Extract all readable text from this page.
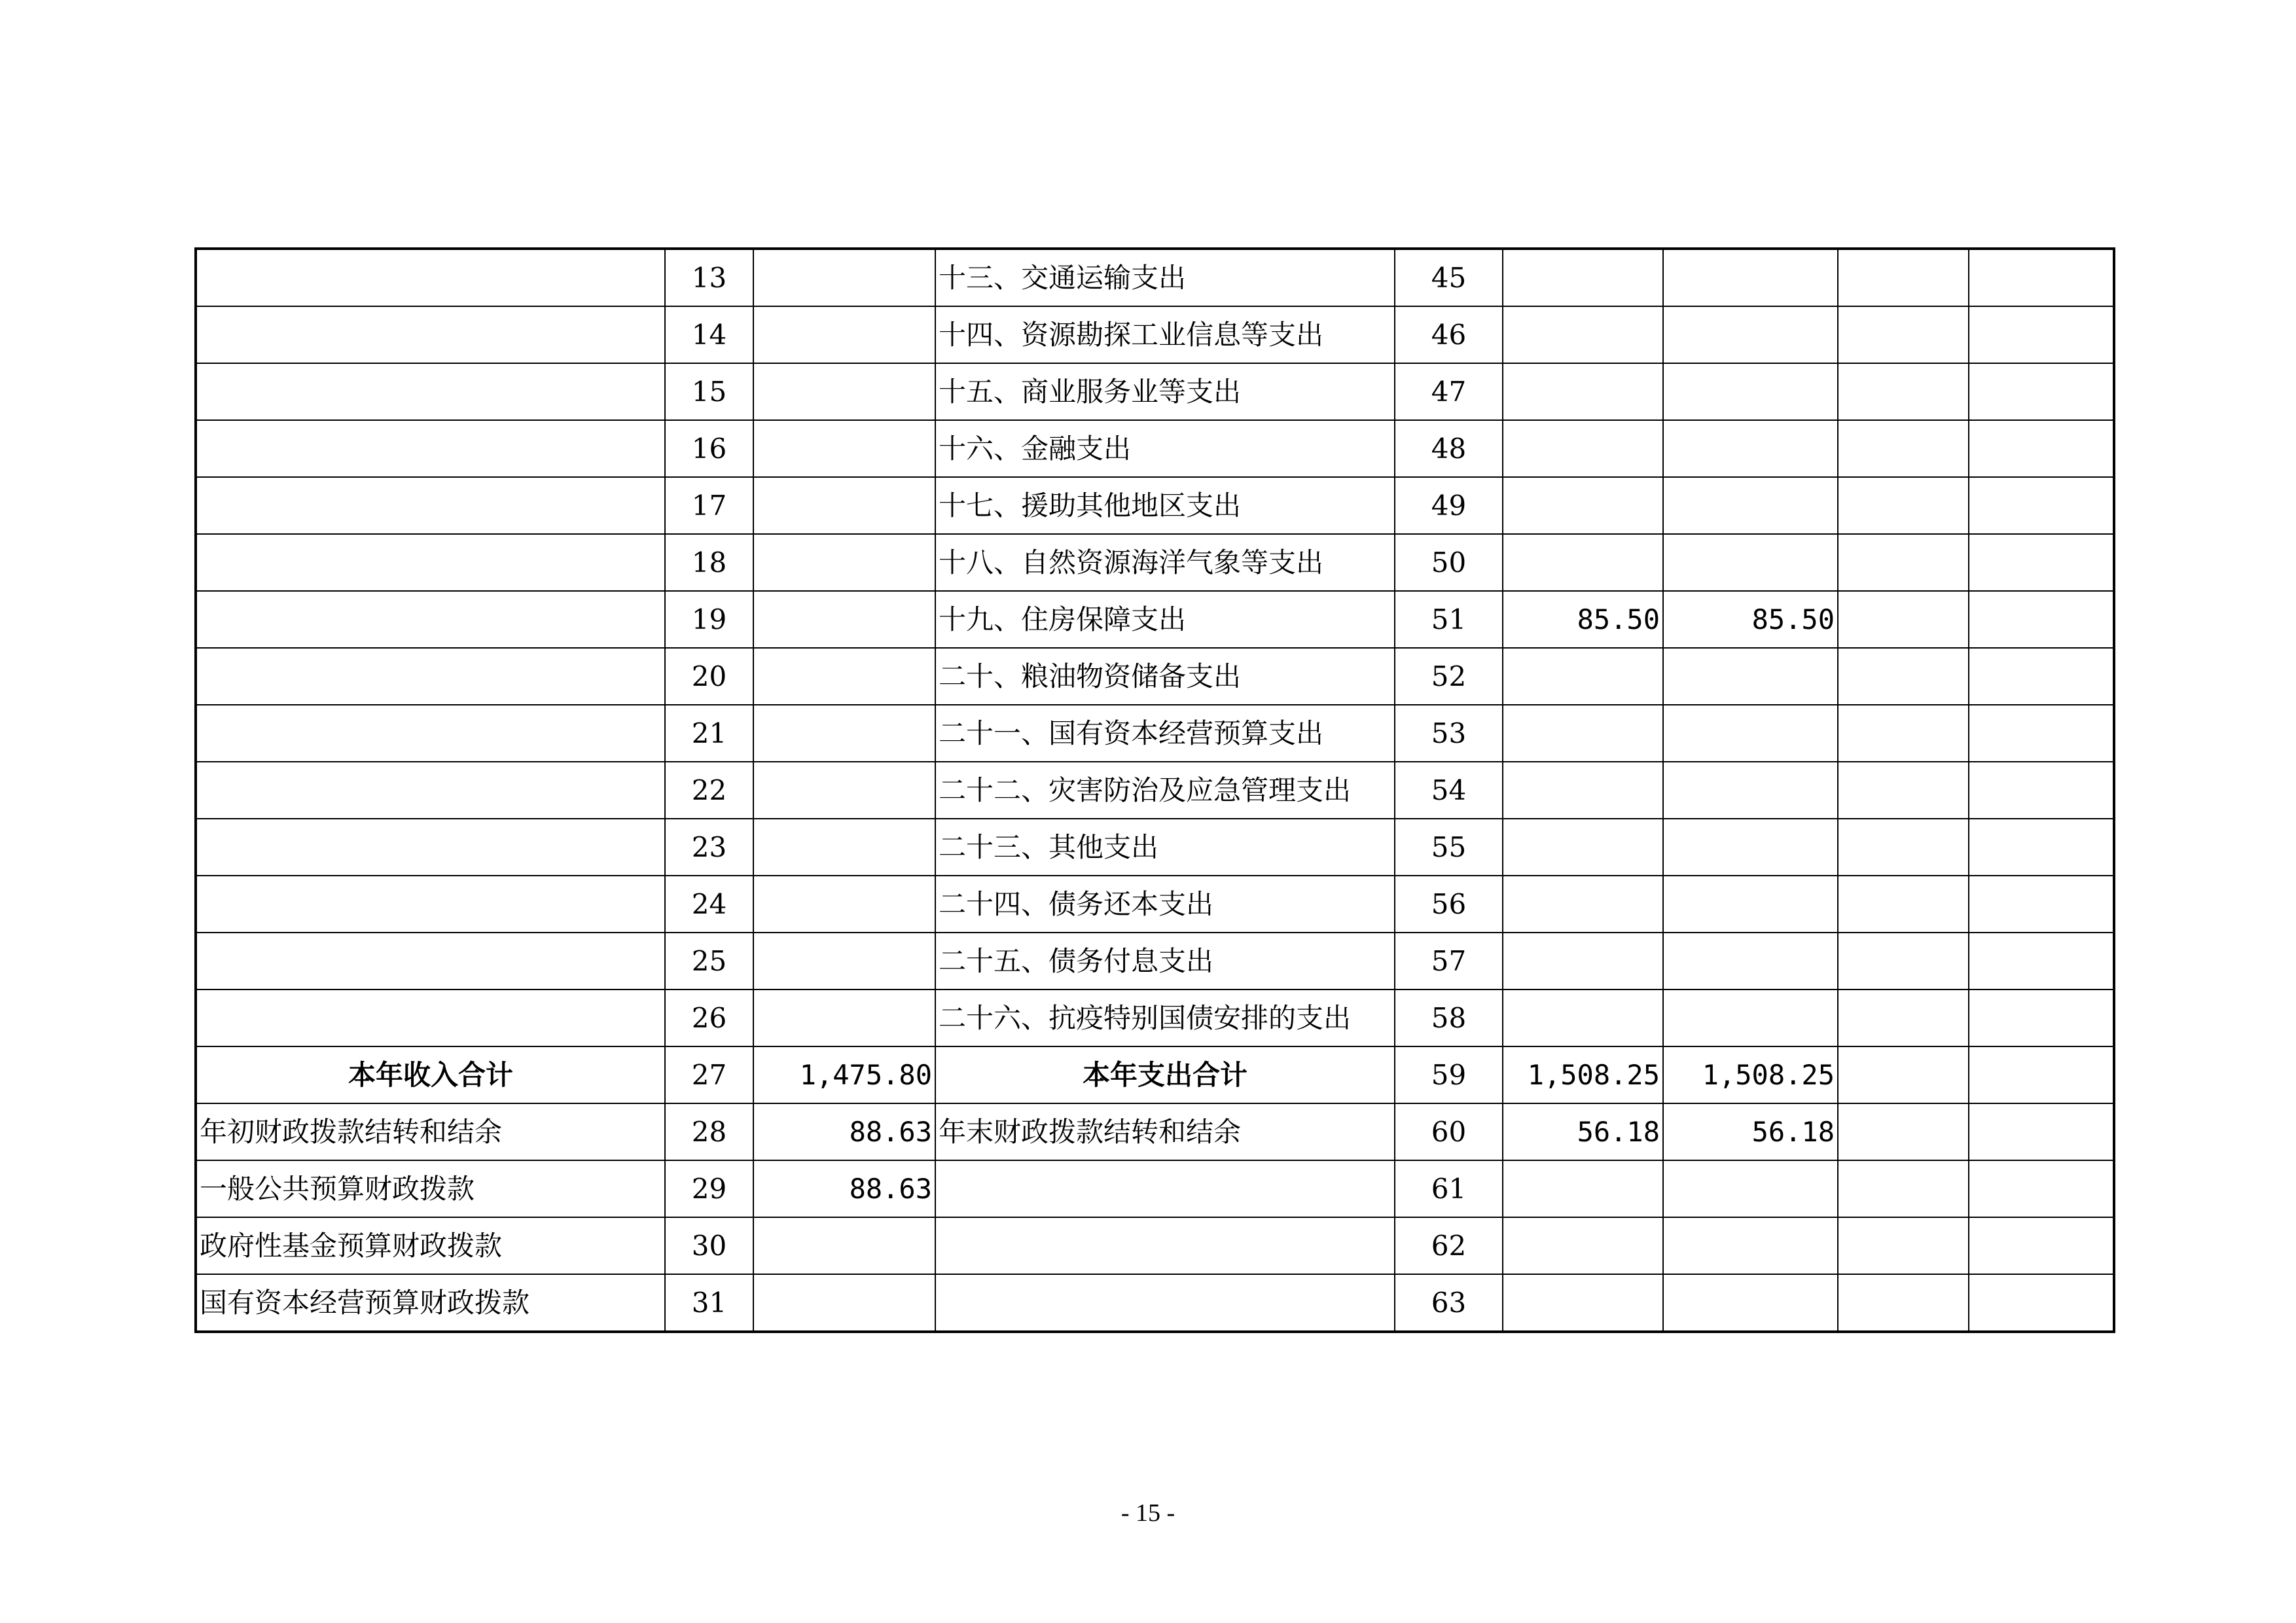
	13		十三、交通运输支出	45				
	14		十四、资源勘探工业信息等支出	46				
	15		十五、商业服务业等支出	47				
	16		十六、金融支出	48				
	17		十七、援助其他地区支出	49				
	18		十八、自然资源海洋气象等支出	50				
	19		十九、住房保障支出	51	85.50	85.50		
	20		二十、粮油物资储备支出	52				
	21		二十一、国有资本经营预算支出	53				
	22		二十二、灾害防治及应急管理支出	54				
	23		二十三、其他支出	55				
	24		二十四、债务还本支出	56				
	25		二十五、债务付息支出	57				
	26		二十六、抗疫特别国债安排的支出	58				
本年收入合计	27	1,475.80	本年支出合计	59	1,508.25	1,508.25		
年初财政拨款结转和结余	28	88.63	年末财政拨款结转和结余	60	56.18	56.18		
一般公共预算财政拨款	29	88.63		61				
政府性基金预算财政拨款	30			62				
国有资本经营预算财政拨款	31			63				
- 15 -
